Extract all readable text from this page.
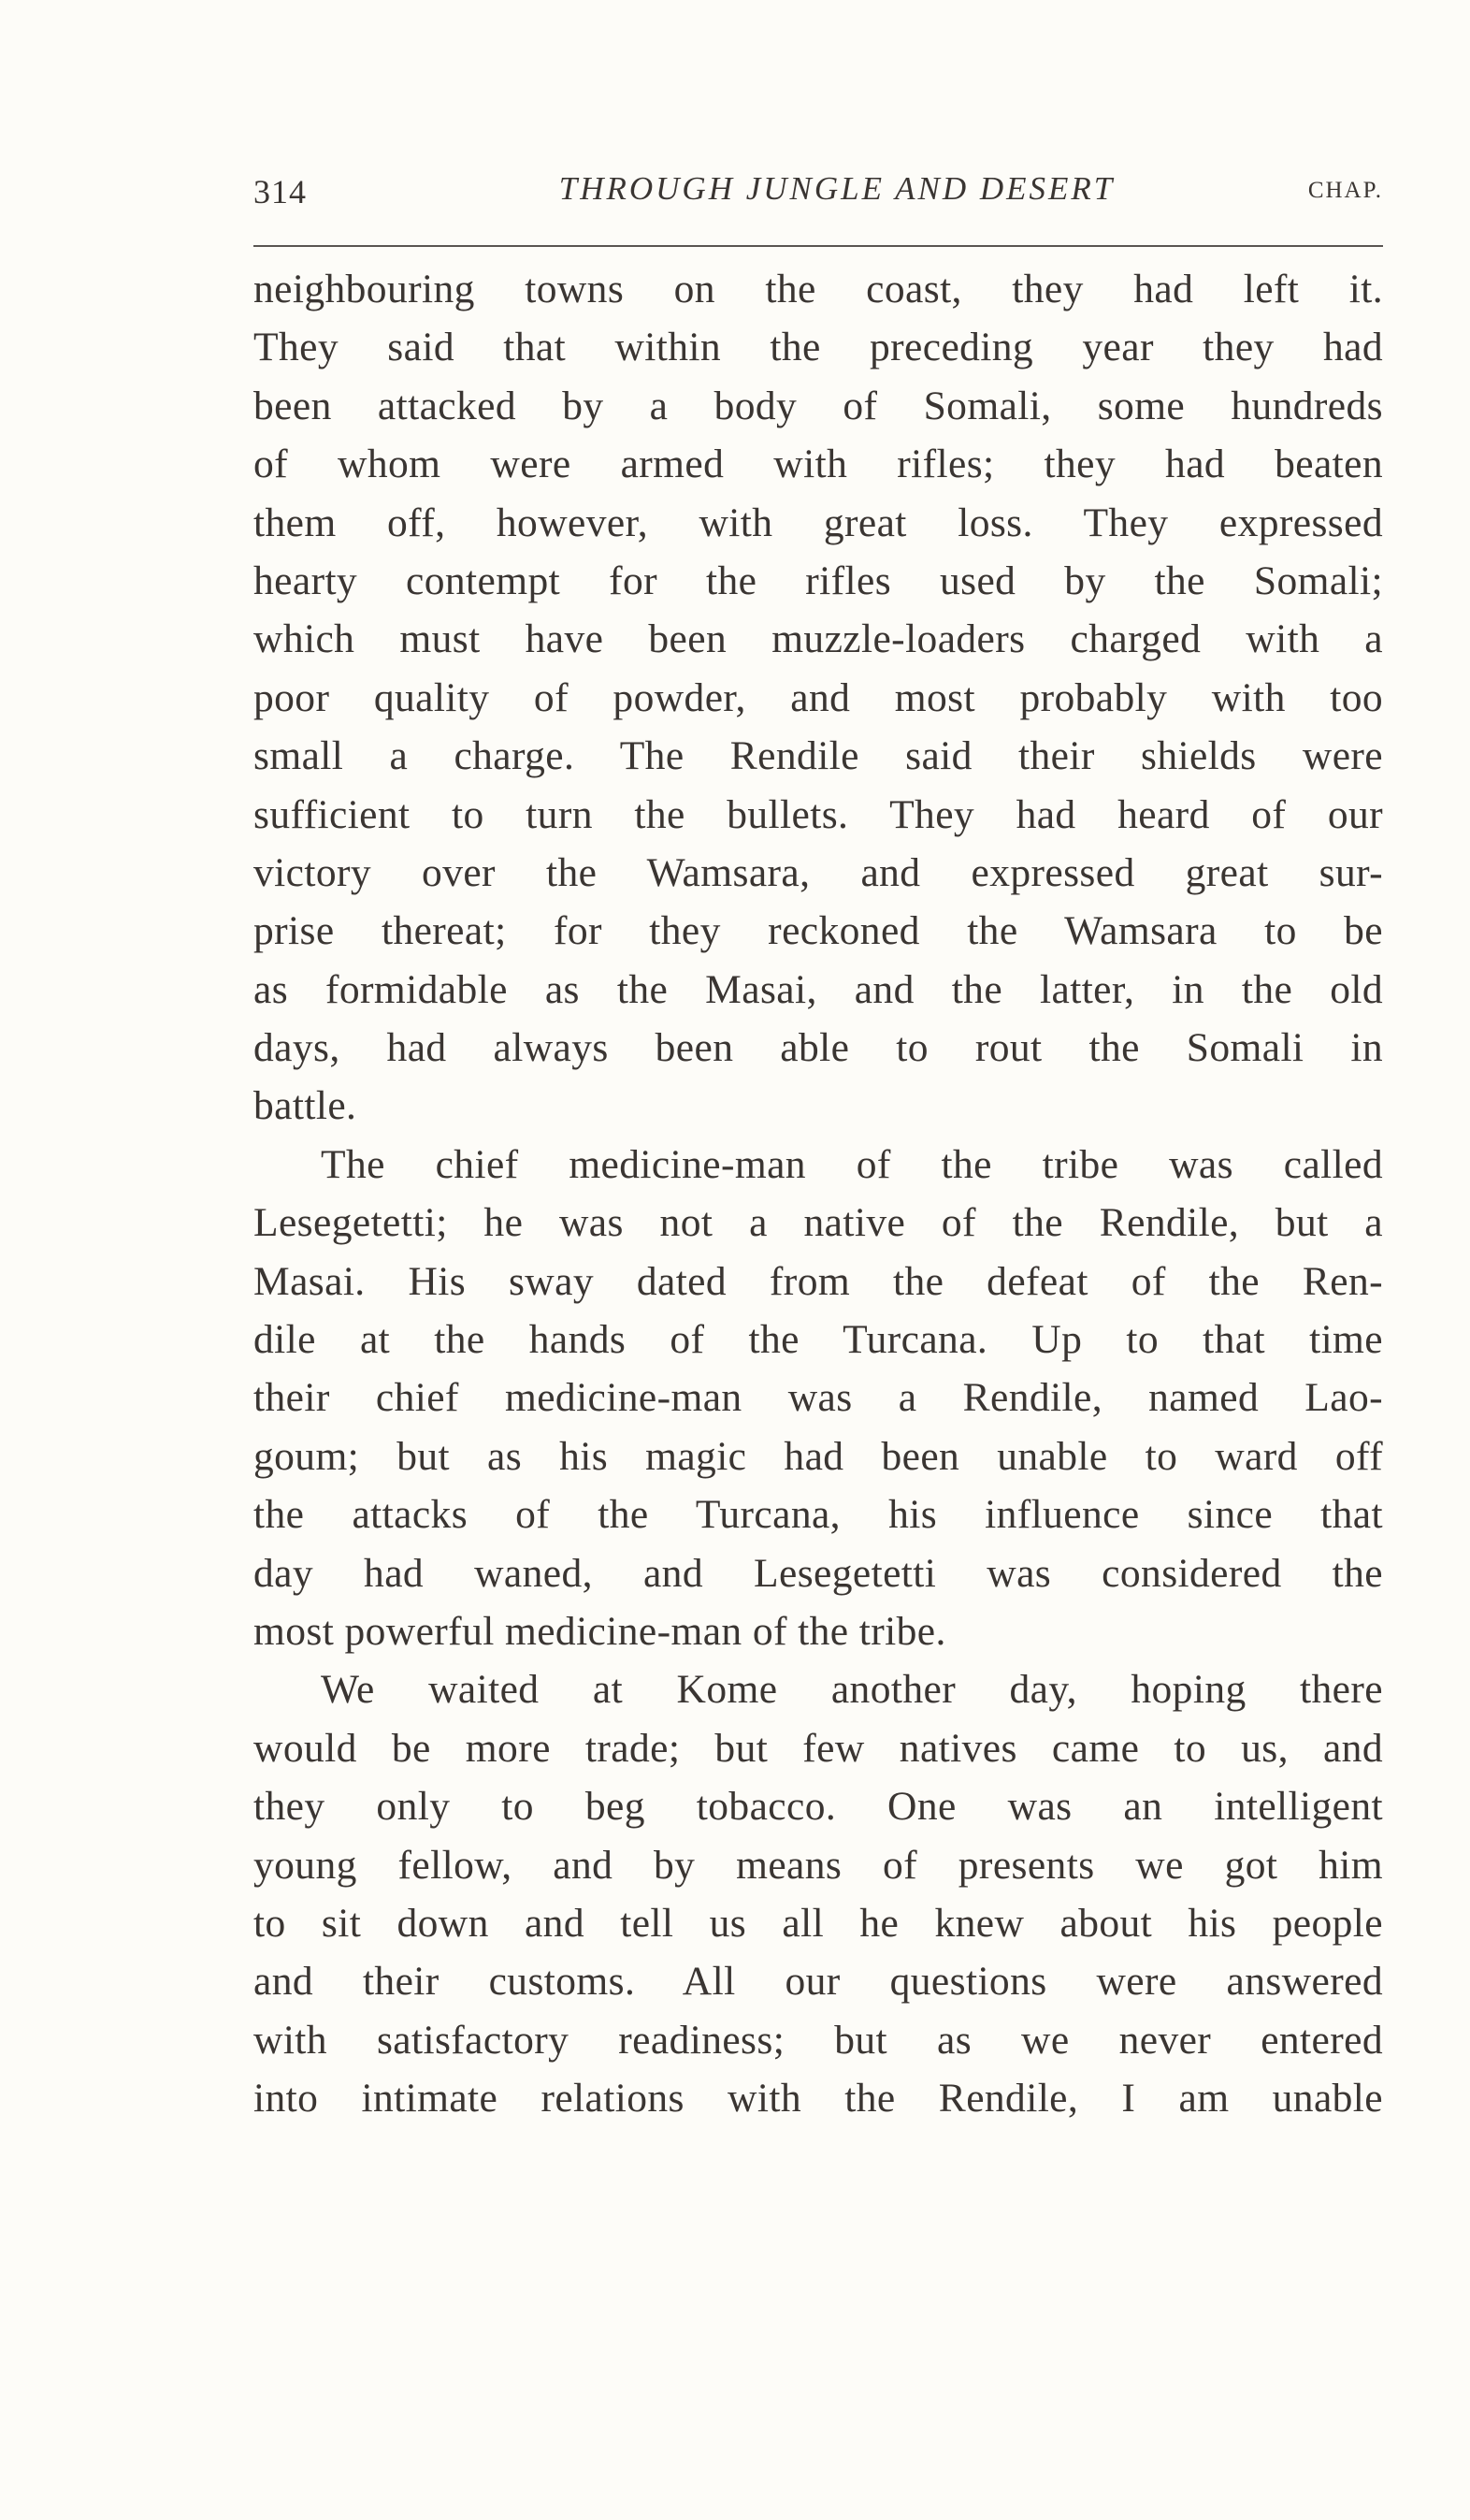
314	THROUGH JUNGLE AND DESERT	CHAP.
neighbouring towns on the coast, they had left it.
They said that within the preceding year they had
been attacked by a body of Somali, some hundreds
of whom were armed with rifles; they had beaten
them off, however, with great loss. They expressed
hearty contempt for the rifles used by the Somali;
which must have been muzzle-loaders charged with a
poor quality of powder, and most probably with too
small a charge. The Rendile said their shields were
sufficient to turn the bullets. They had heard of our
victory over the Wamsara, and expressed great sur-
prise thereat; for they reckoned the Wamsara to be
as formidable as the Masai, and the latter, in the old
days, had always been able to rout the Somali in
battle.
The chief medicine-man of the tribe was called
Lesegetetti; he was not a native of the Rendile, but a
Masai. His sway dated from the defeat of the Ren-
dile at the hands of the Turcana. Up to that time
their chief medicine-man was a Rendile, named Lao-
goum; but as his magic had been unable to ward off
the attacks of the Turcana, his influence since that
day had waned, and Lesegetetti was considered the
most powerful medicine-man of the tribe.
We waited at Kome another day, hoping there
would be more trade; but few natives came to us, and
they only to beg tobacco. One was an intelligent
young fellow, and by means of presents we got him
to sit down and tell us all he knew about his people
and their customs. All our questions were answered
with satisfactory readiness; but as we never entered
into intimate relations with the Rendile, I am unable
